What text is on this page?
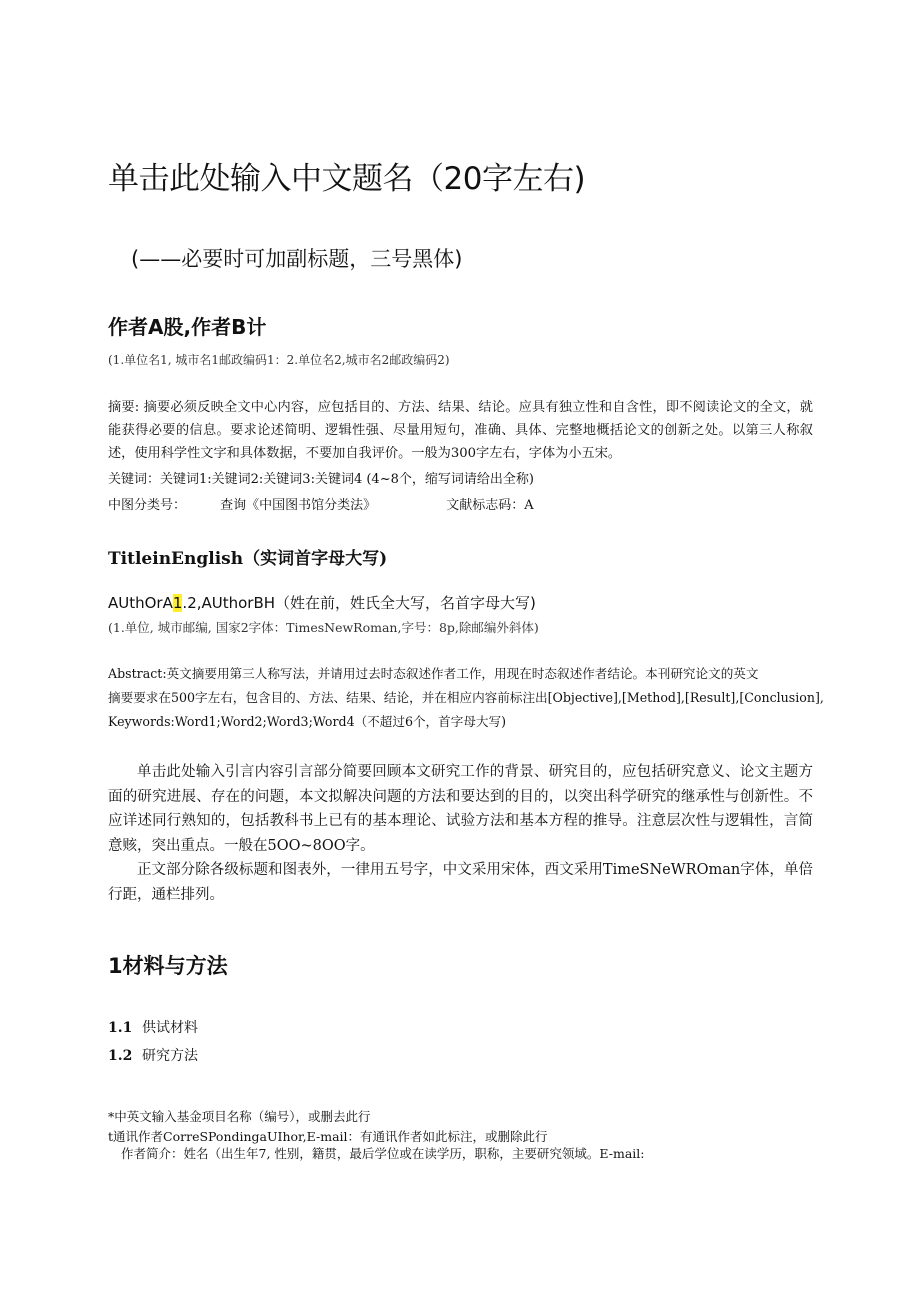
单击此处输入中文题名（20字左右)
(——必要时可加副标题，三号黑体)
作者A股,作者B计
(1.单位名1, 城市名1邮政编码1：2.单位名2,城市名2邮政编码2)
摘要: 摘要必须反映全文中心内容，应包括目的、方法、结果、结论。应具有独立性和自含性，即不阅读论文的全文，就能获得必要的信息。要求论述简明、逻辑性强、尽量用短句，准确、具体、完整地概括论文的创新之处。以第三人称叙述，使用科学性文字和具体数据，不要加自我评价。一般为300字左右，字体为小五宋。
关键词：关键词1:关键词2:关键词3:关键词4 (4~8个，缩写词请给出全称)
中图分类号：	查询《中国图书馆分类法》	文献标志码：A
TitleinEnglish（实词首字母大写)
AUthOrA1.2,AUthorBH（姓在前，姓氏全大写，名首字母大写)
(1.单位, 城市邮编, 国家2字体：TimesNewRoman,字号：8p,除邮编外斜体)

Abstract:英文摘要用第三人称写法，并请用过去时态叙述作者工作，用现在时态叙述作者结论。本刊研究论文的英文

摘要要求在500字左右，包含目的、方法、结果、结论，并在相应内容前标注出[Objective],[Method],[Result],[Conclusion],

Keywords:Word1;Word2;Word3;Word4（不超过6个，首字母大写)

单击此处输入引言内容引言部分简要回顾本文研究工作的背景、研究目的，应包括研究意义、论文主题方面的研究进展、存在的问题，本文拟解决问题的方法和要达到的目的，以突出科学研究的继承性与创新性。不应详述同行熟知的，包括教科书上已有的基本理论、试验方法和基本方程的推导。注意层次性与逻辑性，言简意赅，突出重点。一般在5OO~8OO字。

正文部分除各级标题和图表外，一律用五号字，中文采用宋体，西文采用TimeSNeWROman字体，单倍行距，通栏排列。

1材料与方法
1.1 供试材料
1.2 研究方法
*中英文输入基金项目名称（编号），或删去此行
t通讯作者CorreSPondingaUIhor,E-mail：有通讯作者如此标注，或删除此行
作者简介：姓名（出生年7, 性别，籍贯，最后学位或在读学历，职称，主要研究领域。E-mail:
